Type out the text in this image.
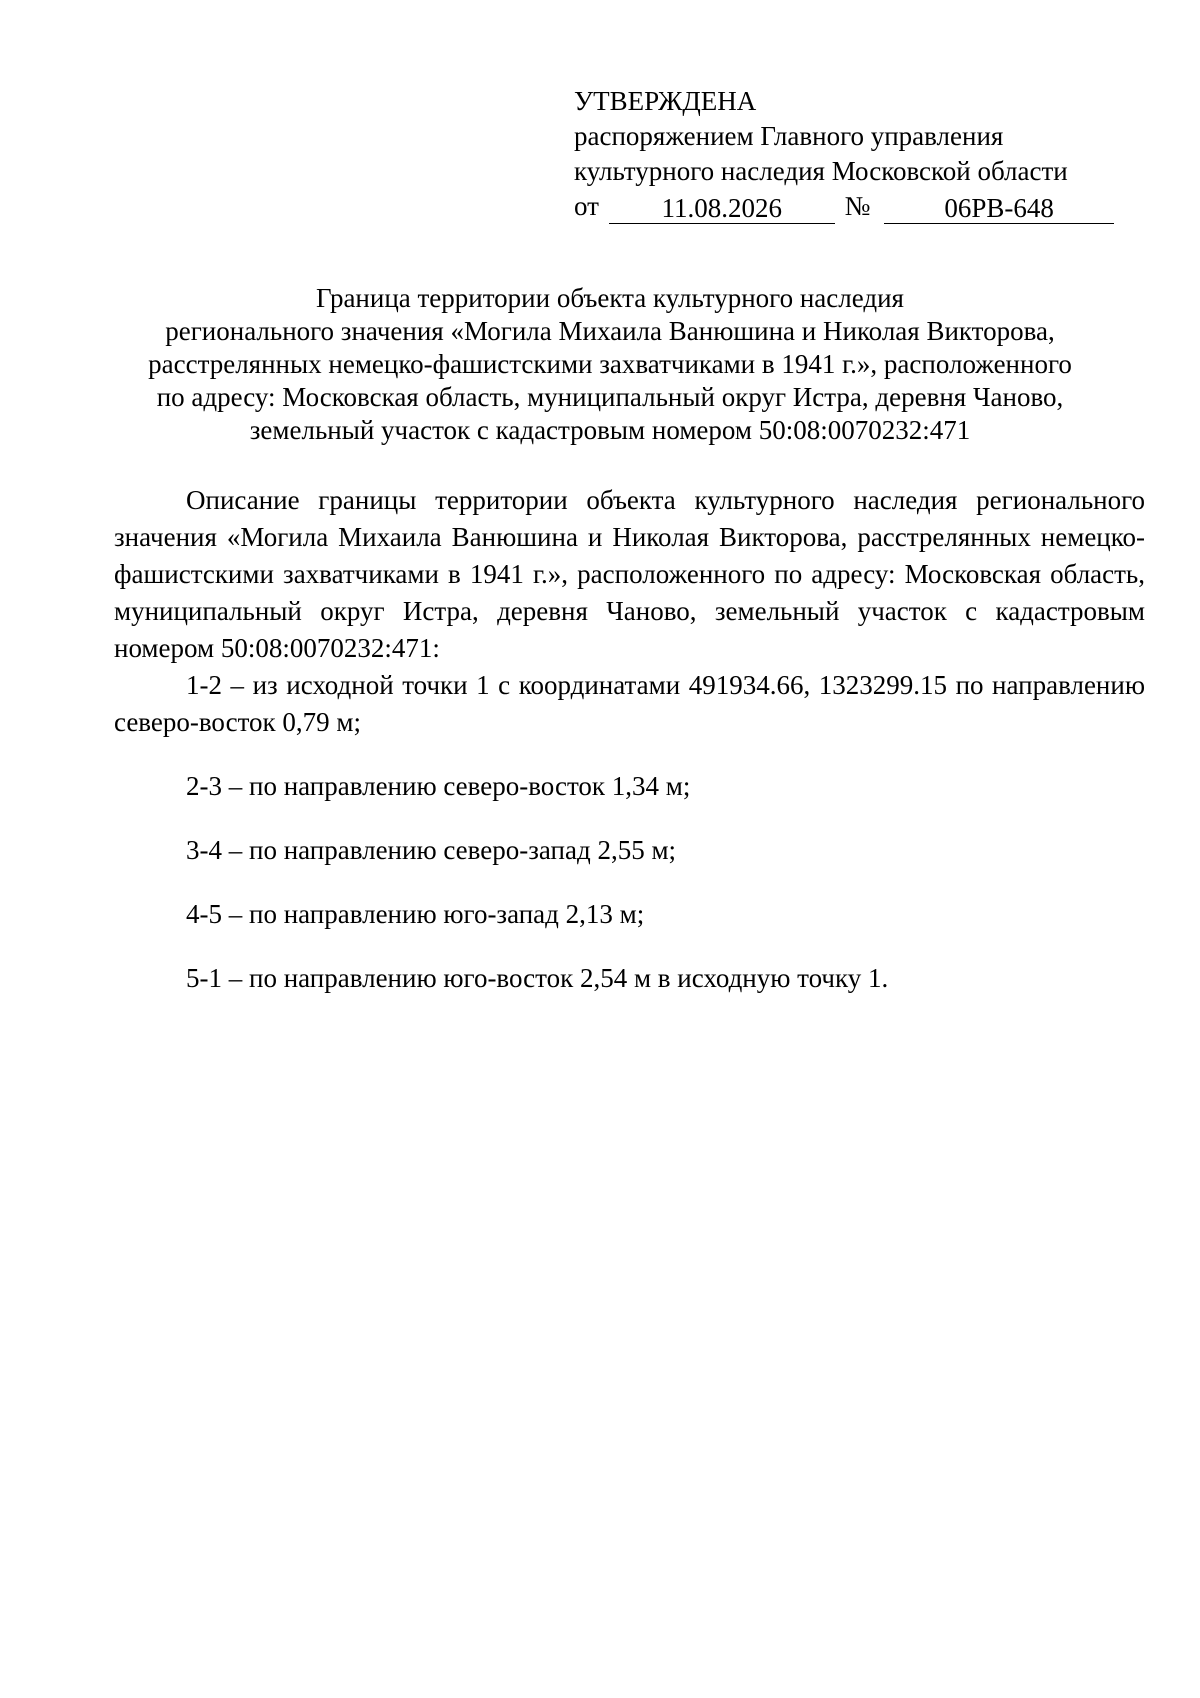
УТВЕРЖДЕНА
распоряжением Главного управления
культурного наследия Московской области
от	11.08.2026	№	06РВ-648
Граница территории объекта культурного наследия
регионального значения «Могила Михаила Ванюшина и Николая Викторова,
расстрелянных немецко-фашистскими захватчиками в 1941 г.», расположенного
по адресу: Московская область, муниципальный округ Истра, деревня Чаново,
земельный участок с кадастровым номером 50:08:0070232:471

Описание границы территории объекта культурного наследия регионального значения «Могила Михаила Ванюшина и Николая Викторова, расстрелянных немецко-фашистскими захватчиками в 1941 г.», расположенного по адресу: Московская область, муниципальный округ Истра, деревня Чаново, земельный участок с кадастровым номером 50:08:0070232:471:

1-2 – из исходной точки 1 с координатами 491934.66, 1323299.15 по направлению северо-восток 0,79 м;

2-3 – по направлению северо-восток 1,34 м;

3-4 – по направлению северо-запад 2,55 м;

4-5 – по направлению юго-запад 2,13 м;

5-1 – по направлению юго-восток 2,54 м в исходную точку 1.
